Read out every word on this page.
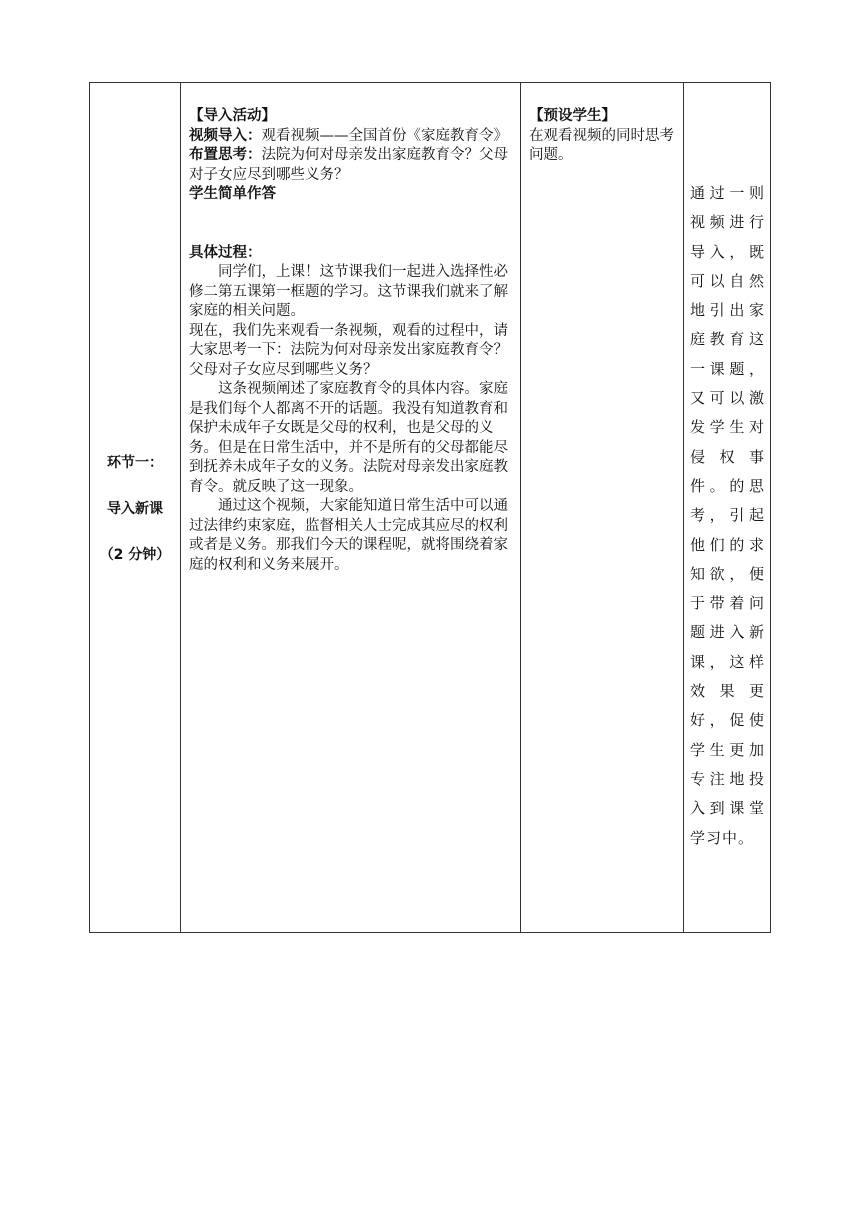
环节一：

导入新课

（2 分钟）

【导入活动】

视频导入：观看视频——全国首份《家庭教育令》

布置思考：法院为何对母亲发出家庭教育令？父母对子女应尽到哪些义务？

学生简单作答

具体过程：

同学们，上课！这节课我们一起进入选择性必修二第五课第一框题的学习。这节课我们就来了解家庭的相关问题。

现在，我们先来观看一条视频，观看的过程中，请大家思考一下：法院为何对母亲发出家庭教育令？父母对子女应尽到哪些义务？

这条视频阐述了家庭教育令的具体内容。家庭是我们每个人都离不开的话题。我没有知道教育和保护未成年子女既是父母的权利，也是父母的义务。但是在日常生活中，并不是所有的父母都能尽到抚养未成年子女的义务。法院对母亲发出家庭教育令。就反映了这一现象。

通过这个视频，大家能知道日常生活中可以通过法律约束家庭，监督相关人士完成其应尽的权利或者是义务。那我们今天的课程呢，就将围绕着家庭的权利和义务来展开。

【预设学生】

在观看视频的同时思考问题。

通过一则视频进行导入，既可以自然地引出家庭教育这一课题，又可以激发学生对侵权事件。的思考，引起他们的求知欲，便于带着问题进入新课，这样效果更好，促使学生更加专注地投入到课堂学习中。
